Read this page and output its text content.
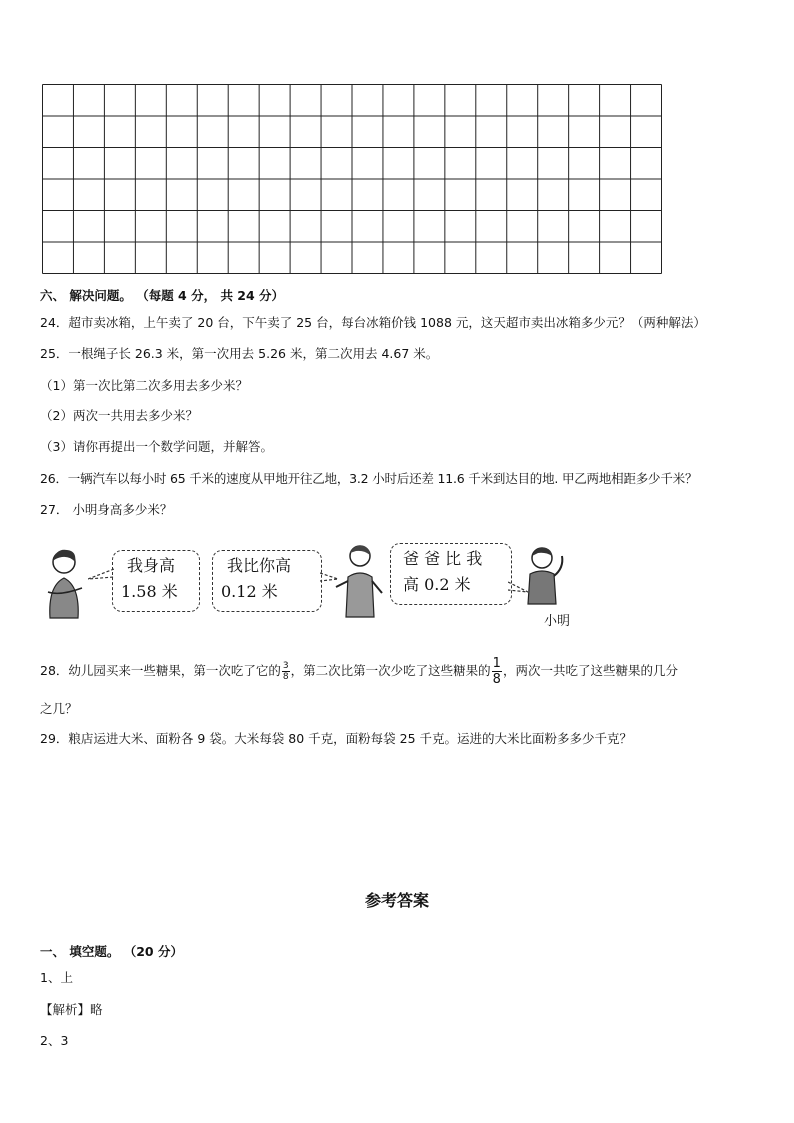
六、 解决问题。 （每题 4 分， 共 24 分）
24．超市卖冰箱，上午卖了 20 台，下午卖了 25 台，每台冰箱价钱 1088 元，这天超市卖出冰箱多少元？（两种解法）
25．一根绳子长 26.3 米，第一次用去 5.26 米，第二次用去 4.67 米。
（1）第一次比第二次多用去多少米？
（2）两次一共用去多少米？
（3）请你再提出一个数学问题，并解答。
26．一辆汽车以每小时 65 千米的速度从甲地开往乙地，3.2 小时后还差 11.6 千米到达目的地. 甲乙两地相距多少千米？
27． 小明身高多少米？
我身高
1.58 米
我比你高
0.12 米
爸 爸 比 我
高 0.2 米
小明
28．幼儿园买来一些糖果，第一次吃了它的 $\frac{3}{8}$ ，第二次比第一次少吃了这些糖果的 $\frac{1}{8}$ ，两次一共吃了这些糖果的几分
之几？
29．粮店运进大米、面粉各 9 袋。大米每袋 80 千克，面粉每袋 25 千克。运进的大米比面粉多多少千克？
参考答案
一、 填空题。 （20 分）
1、上
【解析】略
2、3
